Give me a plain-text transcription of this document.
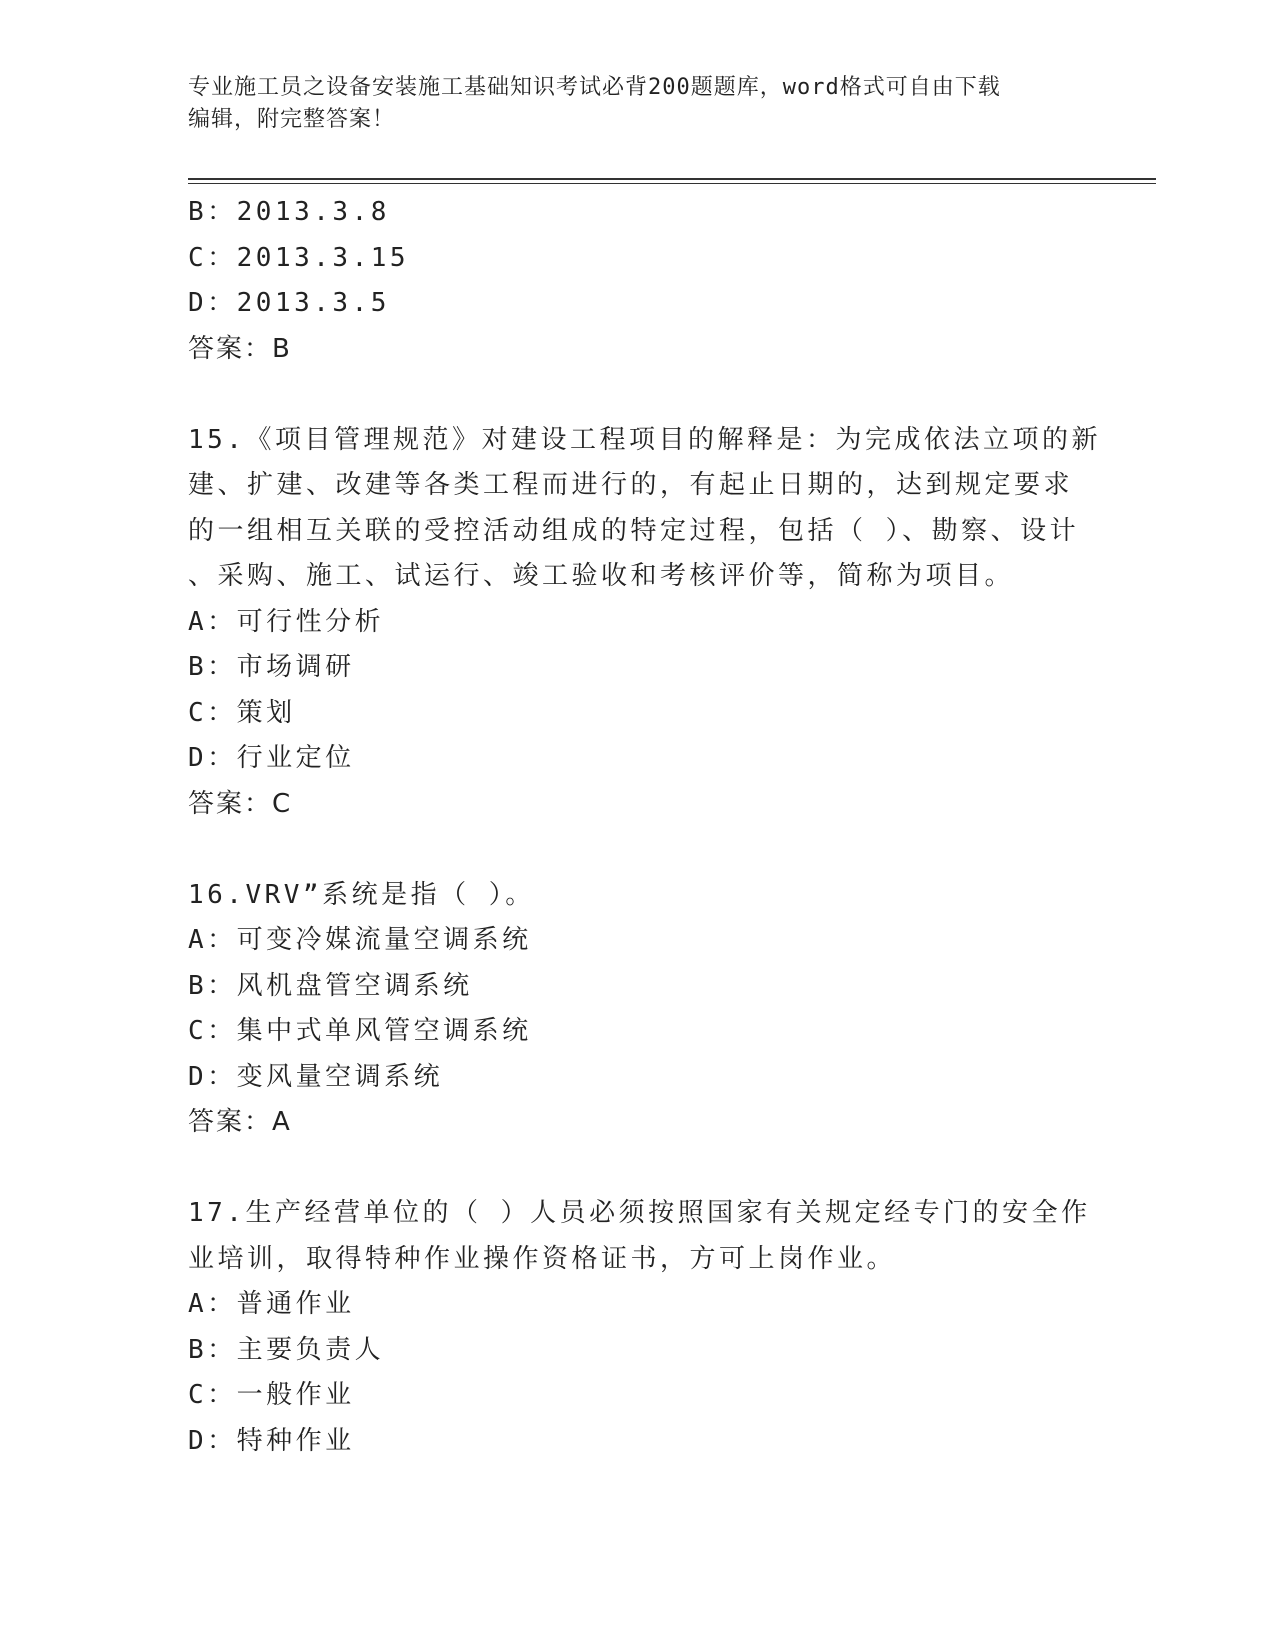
专业施工员之设备安装施工基础知识考试必背200题题库，word格式可自由下载
编辑，附完整答案！
B：2013.3.8
C：2013.3.15
D：2013.3.5
答案：B
15.《项目管理规范》对建设工程项目的解释是：为完成依法立项的新
建、扩建、改建等各类工程而进行的，有起止日期的，达到规定要求
的一组相互关联的受控活动组成的特定过程，包括（ ）、勘察、设计
、采购、施工、试运行、竣工验收和考核评价等，简称为项目。
A：可行性分析
B：市场调研
C：策划
D：行业定位
答案：C
16.VRV”系统是指（ ）。
A：可变冷媒流量空调系统
B：风机盘管空调系统
C：集中式单风管空调系统
D：变风量空调系统
答案：A
17.生产经营单位的（ ）人员必须按照国家有关规定经专门的安全作
业培训，取得特种作业操作资格证书，方可上岗作业。
A：普通作业
B：主要负责人
C：一般作业
D：特种作业
